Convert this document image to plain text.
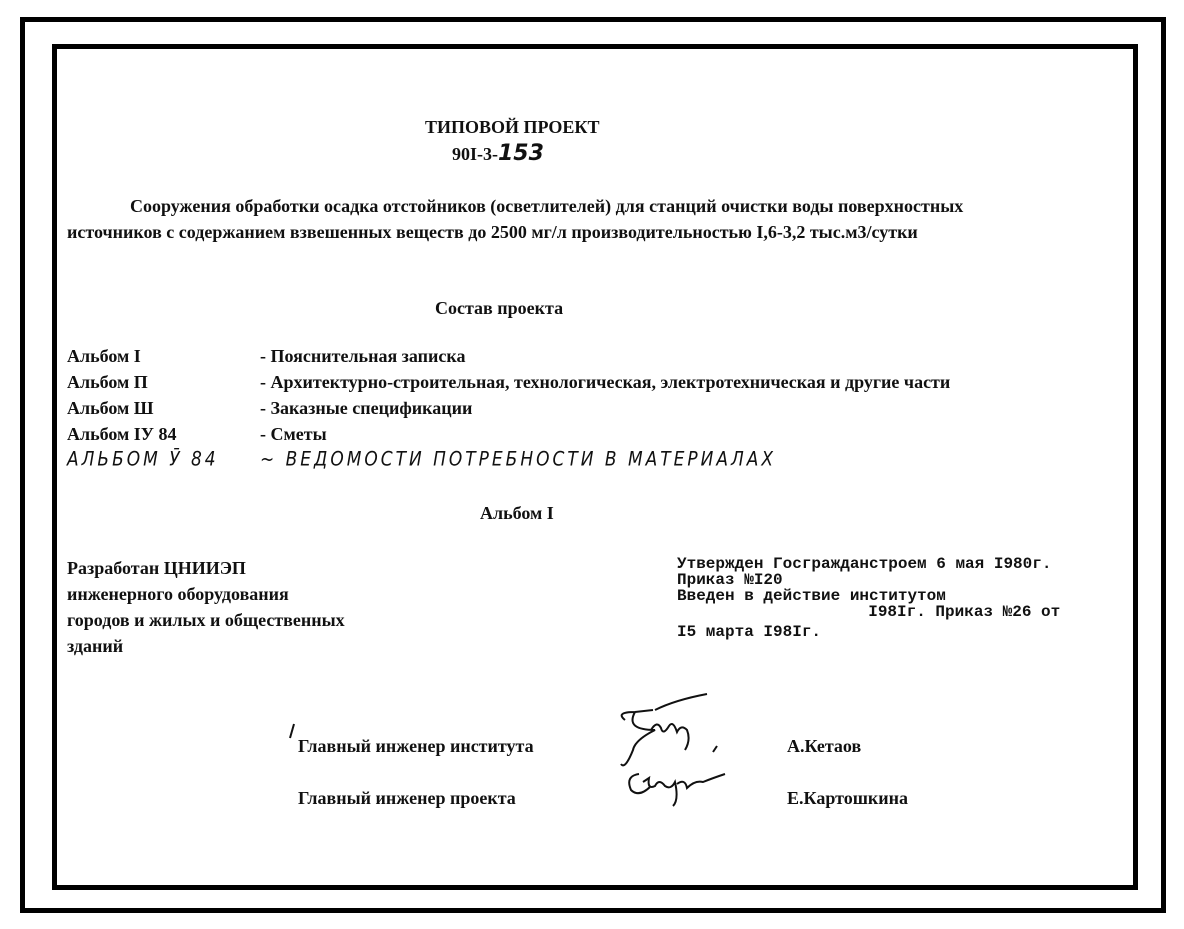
ТИПОВОЙ ПРОЕКТ
90I-3-153
Сооружения обработки осадка отстойников (осветлителей) для станций очистки воды поверхностных
источников с содержанием взвешенных веществ до 2500 мг/л производительностью I,6-3,2 тыс.м3/сутки
Состав проекта
Альбом I	- Пояснительная записка
Альбом П	- Архитектурно-строительная, технологическая, электротехническая и другие части
Альбом Ш	- Заказные спецификации
Альбом IУ 84	- Сметы
АЛЬБОМ Ӯ 84 ~ ВЕДОМОСТИ ПОТРЕБНОСТИ В МАТЕРИАЛАХ
Альбом I
Разработан ЦНИИЭП
инженерного оборудования
городов и жилых и общественных
зданий
Утвержден Госгражданстроем 6 мая I980г.
Приказ №I20
Введен в действие институтом
I98Iг. Приказ №26 от
I5 марта I98Iг.
Главный инженер института	А.Кетаов
Главный инженер проекта	Е.Картошкина
